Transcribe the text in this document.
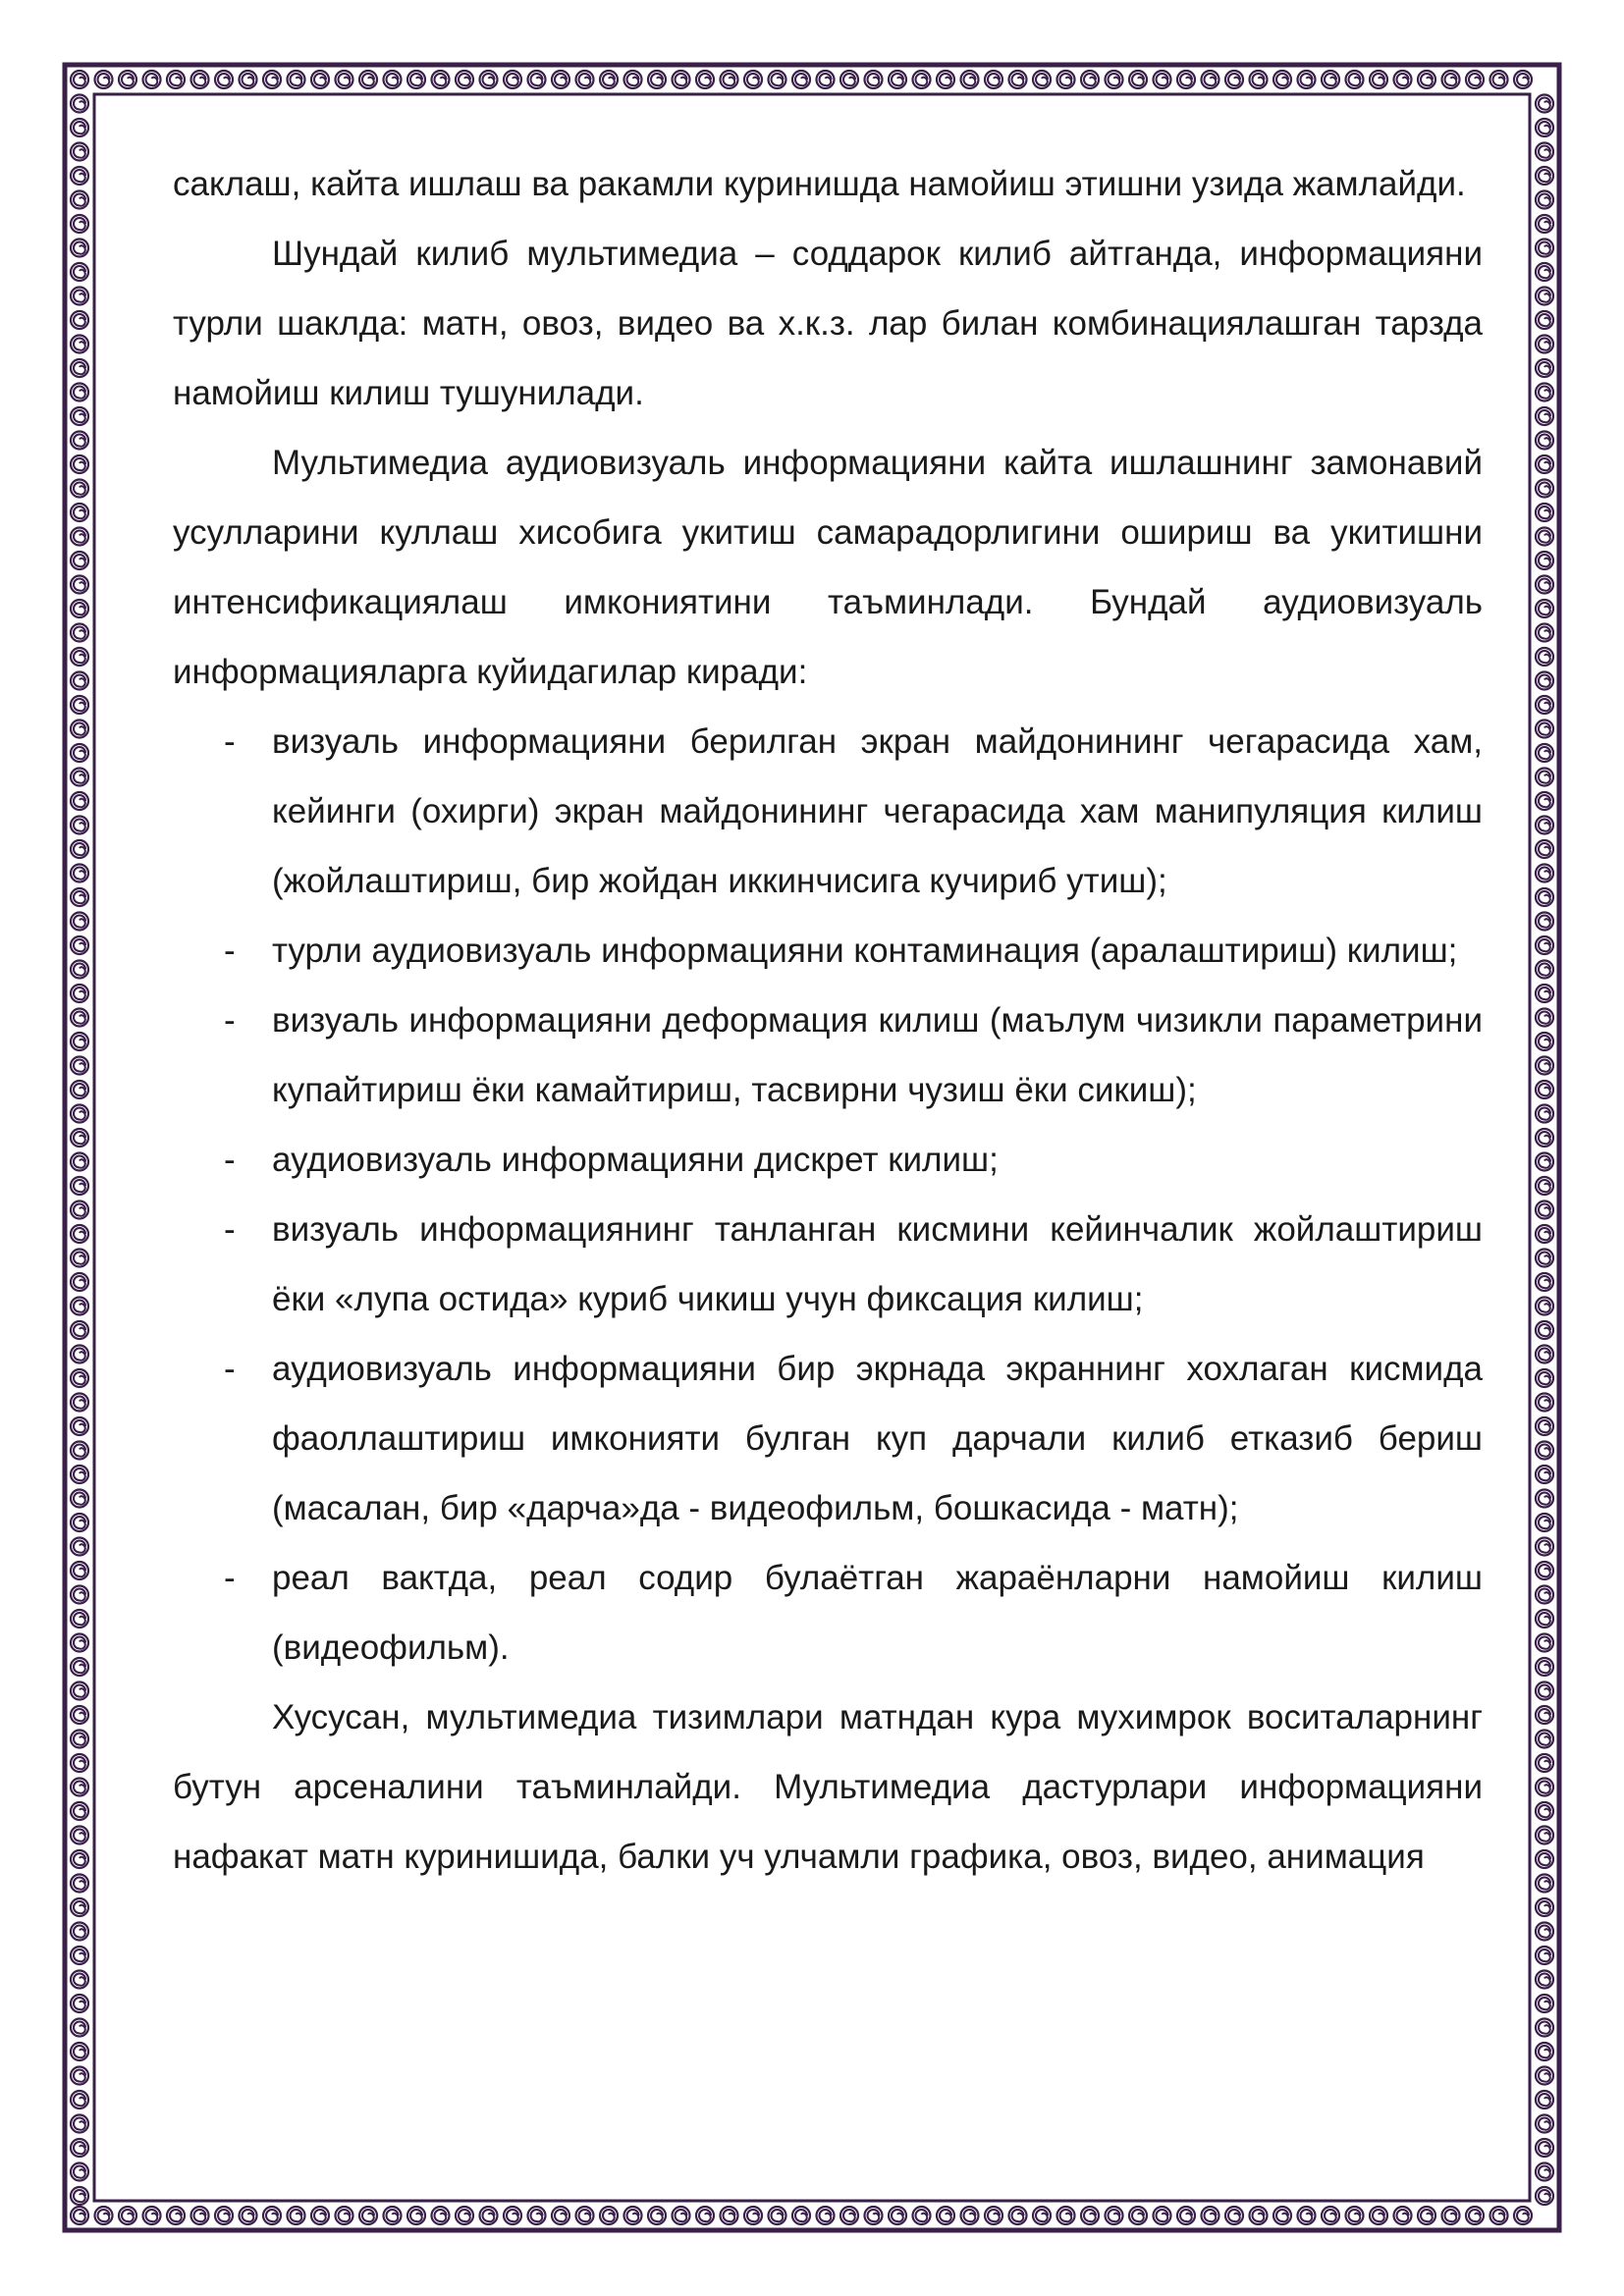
саклаш, кайта ишлаш ва ракамли куринишда намойиш этишни узида жамлайди.

Шундай килиб мультимедиа – соддарок килиб айтганда, информацияни турли шаклда: матн, овоз, видео ва х.к.з. лар билан комбинациялашган тарзда намойиш килиш тушунилади.

Мультимедиа аудиовизуаль информацияни кайта ишлашнинг замонавий усулларини куллаш хисобига укитиш самарадорлигини ошириш ва укитишни интенсификациялаш имкониятини таъминлади. Бундай аудиовизуаль информацияларга куйидагилар киради:

- визуаль информацияни берилган экран майдонининг чегарасида хам, кейинги (охирги) экран майдонининг чегарасида хам манипуляция килиш (жойлаштириш, бир жойдан иккинчисига кучириб утиш);
- турли аудиовизуаль информацияни контаминация (аралаштириш) килиш;
- визуаль информацияни деформация килиш (маълум чизикли параметрини купайтириш ёки камайтириш, тасвирни чузиш ёки сикиш);
- аудиовизуаль информацияни дискрет килиш;
- визуаль информациянинг танланган кисмини кейинчалик жойлаштириш ёки «лупа остида» куриб чикиш учун фиксация килиш;
- аудиовизуаль информацияни бир экрнада экраннинг хохлаган кисмида фаоллаштириш имконияти булган куп дарчали килиб етказиб бериш (масалан, бир «дарча»да - видеофильм, бошкасида - матн);
- реал вактда, реал содир булаётган жараёнларни намойиш килиш (видеофильм).

Хусусан, мультимедиа тизимлари матндан кура мухимрок воситаларнинг бутун арсеналини таъминлайди. Мультимедиа дастурлари информацияни нафакат матн куринишида, балки уч улчамли графика, овоз, видео, анимация
